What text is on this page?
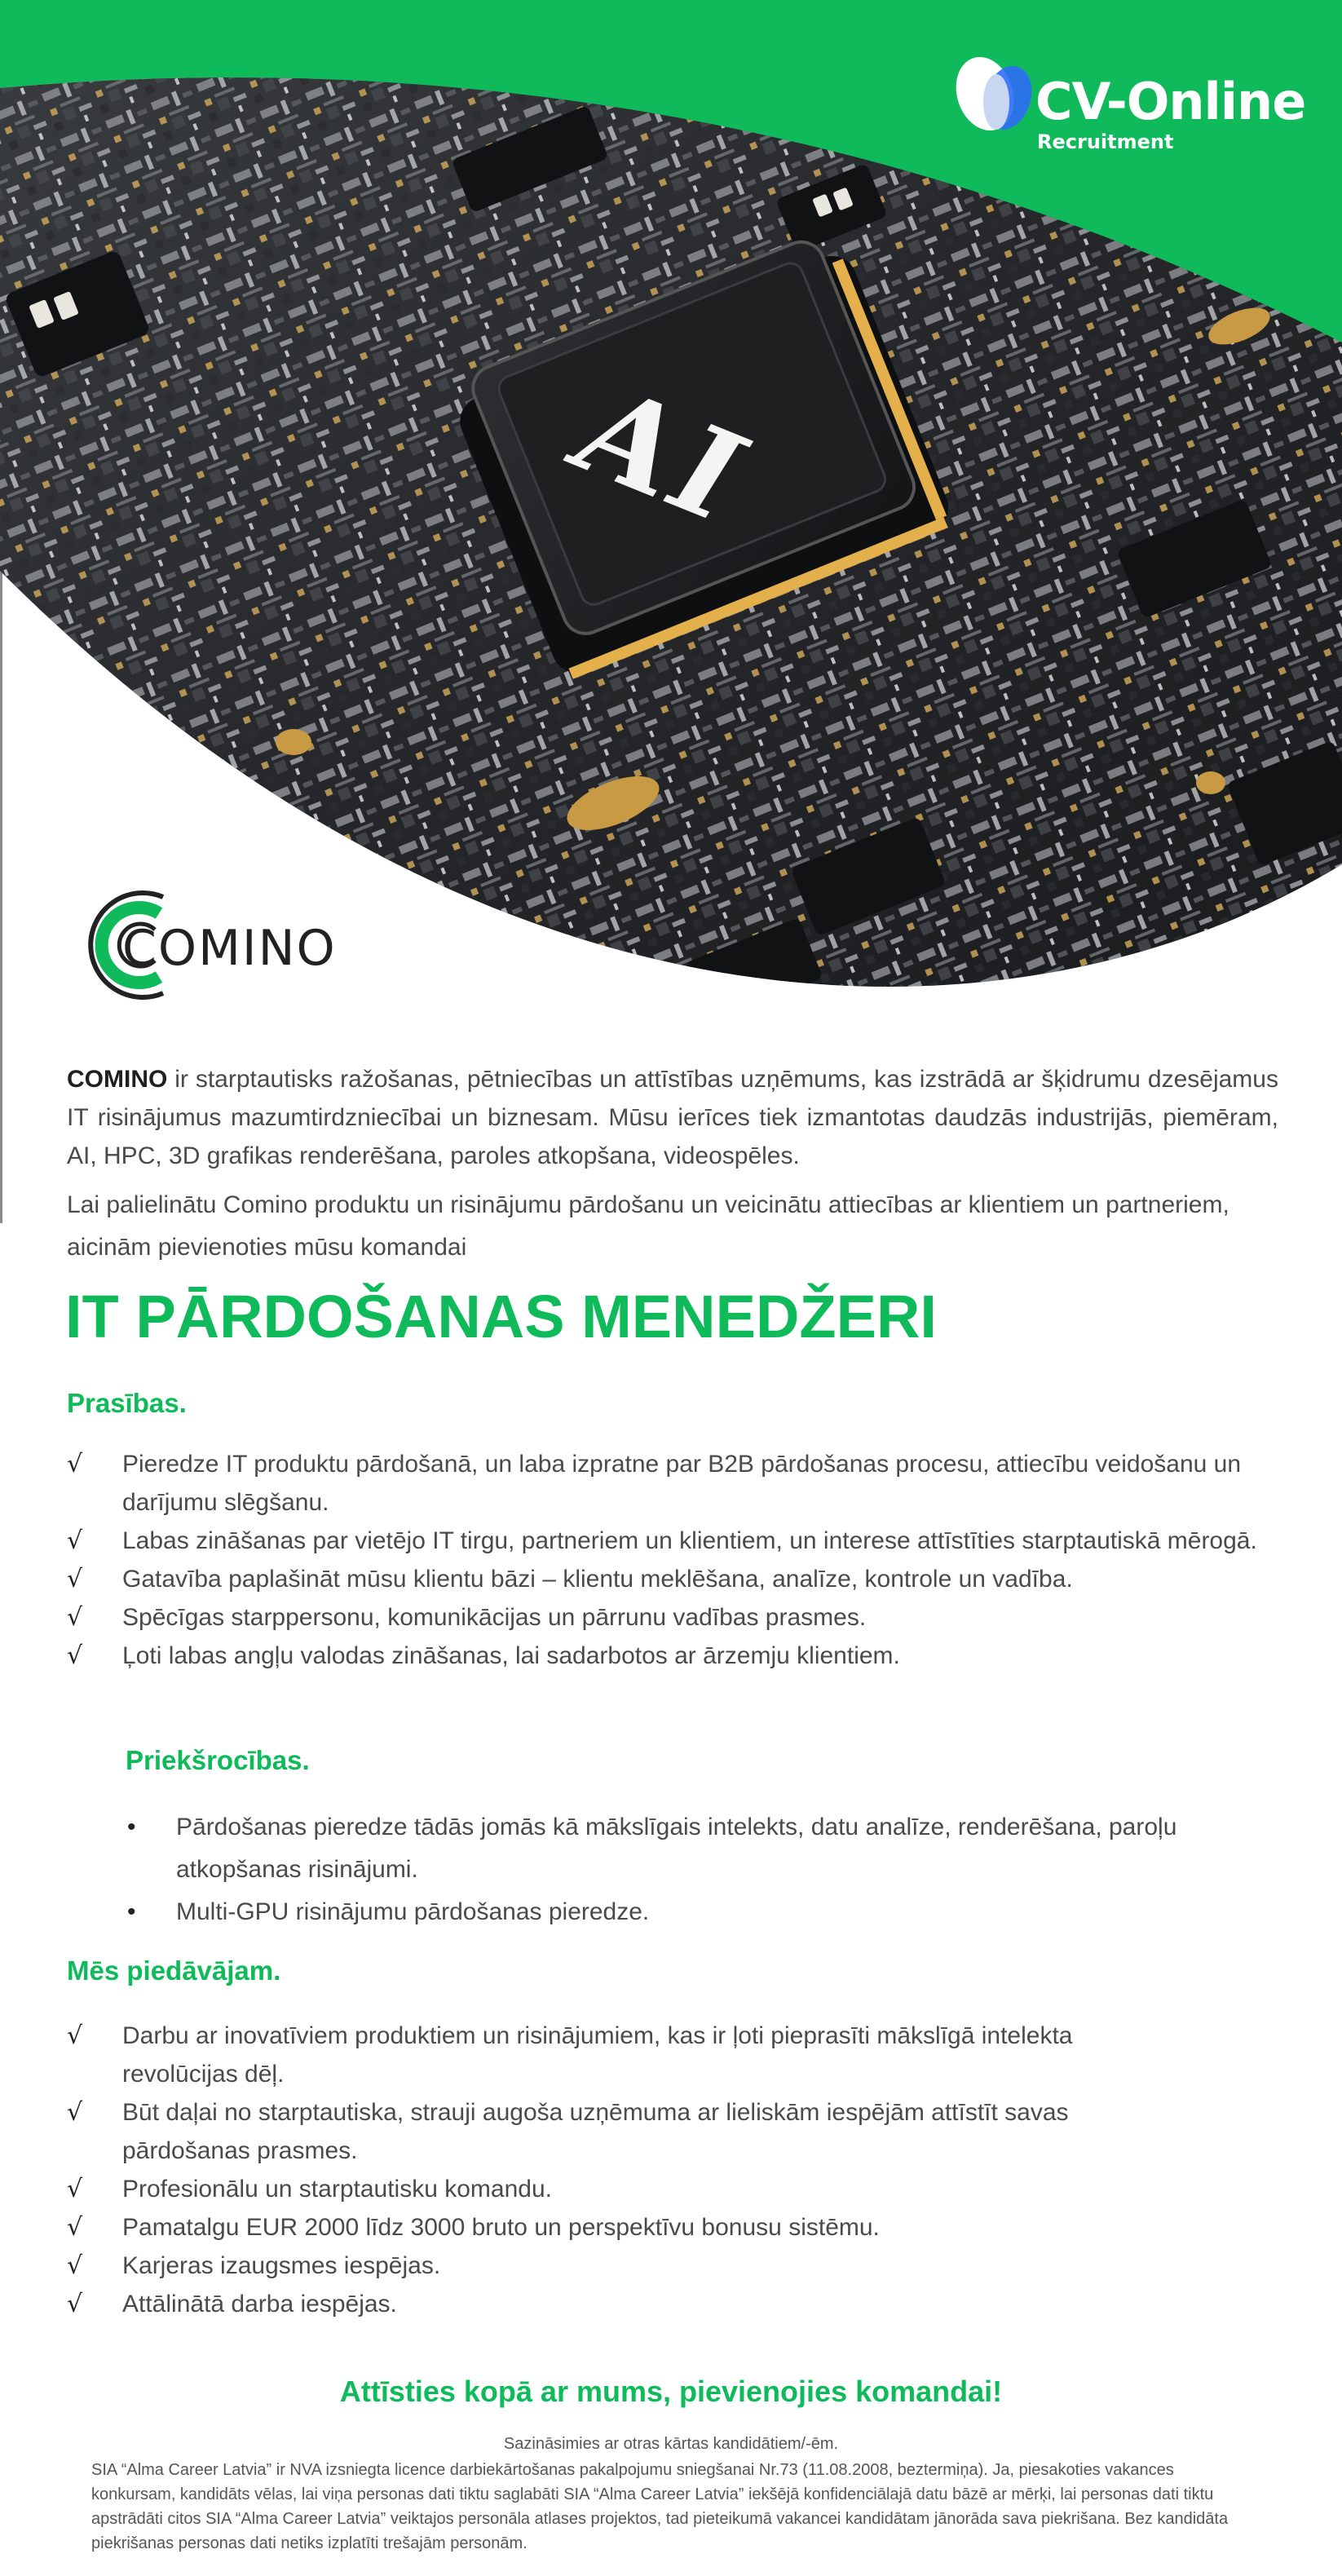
AI
CV-Online
Recruitment
COMINO
COMINO ir starptautisks ražošanas, pētniecības un attīstības uzņēmums, kas izstrādā ar šķidrumu dzesējamus IT risinājumus mazumtirdzniecībai un biznesam. Mūsu ierīces tiek izmantotas daudzās industrijās, piemēram, AI, HPC, 3D grafikas renderēšana, paroles atkopšana, videospēles.
Lai palielinātu Comino produktu un risinājumu pārdošanu un veicinātu attiecības ar klientiem un partneriem, aicinām pievienoties mūsu komandai
IT PĀRDOŠANAS MENEDŽERI
Prasības.
√ Pieredze IT produktu pārdošanā, un laba izpratne par B2B pārdošanas procesu, attiecību veidošanu un darījumu slēgšanu.
√ Labas zināšanas par vietējo IT tirgu, partneriem un klientiem, un interese attīstīties starptautiskā mērogā.
√ Gatavība paplašināt mūsu klientu bāzi – klientu meklēšana, analīze, kontrole un vadība.
√ Spēcīgas starppersonu, komunikācijas un pārrunu vadības prasmes.
√ Ļoti labas angļu valodas zināšanas, lai sadarbotos ar ārzemju klientiem.
Priekšrocības.
• Pārdošanas pieredze tādās jomās kā mākslīgais intelekts, datu analīze, renderēšana, paroļu atkopšanas risinājumi.
• Multi-GPU risinājumu pārdošanas pieredze.
Mēs piedāvājam.
√ Darbu ar inovatīviem produktiem un risinājumiem, kas ir ļoti pieprasīti mākslīgā intelekta revolūcijas dēļ.
√ Būt daļai no starptautiska, strauji augoša uzņēmuma ar lieliskām iespējām attīstīt savas pārdošanas prasmes.
√ Profesionālu un starptautisku komandu.
√ Pamatalgu EUR 2000 līdz 3000 bruto un perspektīvu bonusu sistēmu.
√ Karjeras izaugsmes iespējas.
√ Attālinātā darba iespējas.
Attīsties kopā ar mums, pievienojies komandai!
Sazināsimies ar otras kārtas kandidātiem/-ēm.
SIA “Alma Career Latvia” ir NVA izsniegta licence darbiekārtošanas pakalpojumu sniegšanai Nr.73 (11.08.2008, beztermiņa). Ja, piesakoties vakances konkursam, kandidāts vēlas, lai viņa personas dati tiktu saglabāti SIA “Alma Career Latvia” iekšējā konfidenciālajā datu bāzē ar mērķi, lai personas dati tiktu apstrādāti citos SIA “Alma Career Latvia” veiktajos personāla atlases projektos, tad pieteikumā vakancei kandidātam jānorāda sava piekrišana. Bez kandidāta piekrišanas personas dati netiks izplatīti trešajām personām.
